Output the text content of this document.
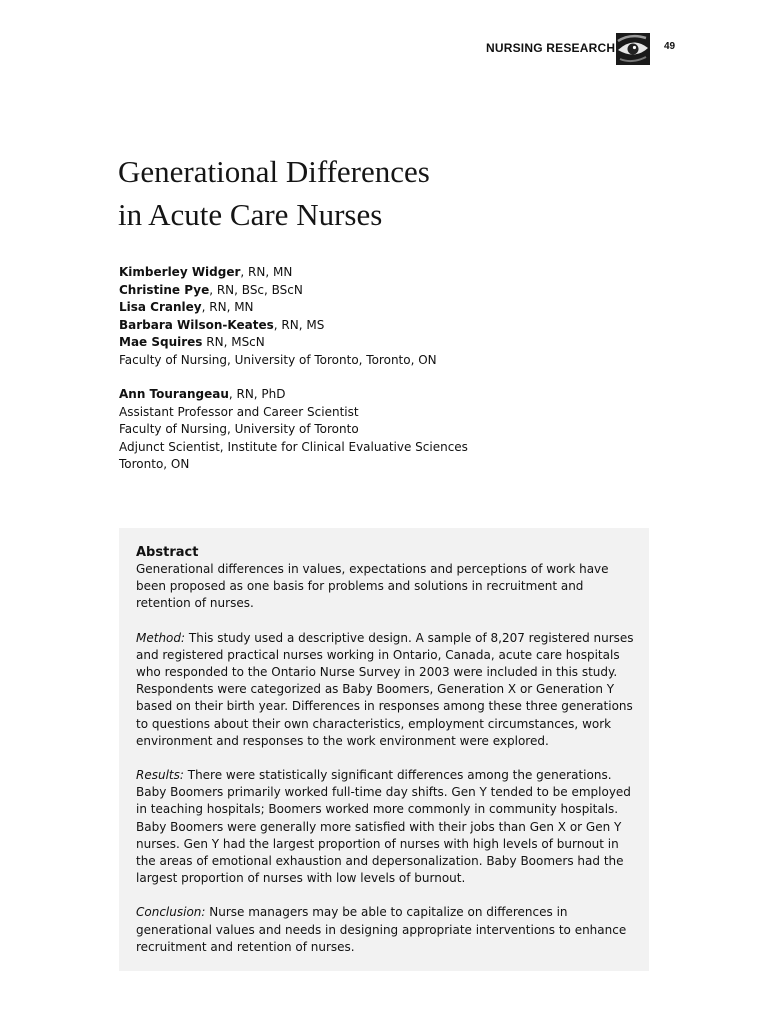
NURSING RESEARCH	49
Generational Differences
in Acute Care Nurses
Kimberley Widger, RN, MN
Christine Pye, RN, BSc, BScN
Lisa Cranley, RN, MN
Barbara Wilson-Keates, RN, MS
Mae Squires RN, MScN
Faculty of Nursing, University of Toronto, Toronto, ON
Ann Tourangeau, RN, PhD
Assistant Professor and Career Scientist
Faculty of Nursing, University of Toronto
Adjunct Scientist, Institute for Clinical Evaluative Sciences
Toronto, ON

Abstract

Generational differences in values, expectations and perceptions of work have been proposed as one basis for problems and solutions in recruitment and retention of nurses.

Method: This study used a descriptive design. A sample of 8,207 registered nurses and registered practical nurses working in Ontario, Canada, acute care hospitals who responded to the Ontario Nurse Survey in 2003 were included in this study. Respondents were categorized as Baby Boomers, Generation X or Generation Y based on their birth year. Differences in responses among these three generations to questions about their own characteristics, employment circumstances, work environment and responses to the work environment were explored.

Results: There were statistically significant differences among the generations. Baby Boomers primarily worked full-time day shifts. Gen Y tended to be employed in teaching hospitals; Boomers worked more commonly in community hospitals. Baby Boomers were generally more satisfied with their jobs than Gen X or Gen Y nurses. Gen Y had the largest proportion of nurses with high levels of burnout in the areas of emotional exhaustion and depersonalization. Baby Boomers had the largest proportion of nurses with low levels of burnout.

Conclusion: Nurse managers may be able to capitalize on differences in generational values and needs in designing appropriate interventions to enhance recruitment and retention of nurses.
